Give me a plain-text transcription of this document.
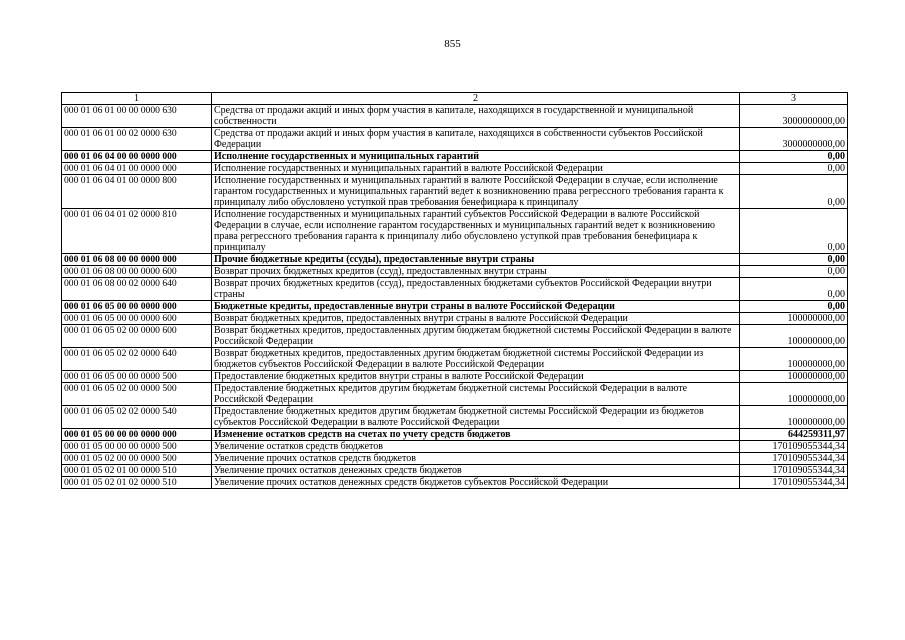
855
1	2	3
000 01 06 01 00 00 0000 630	Средства от продажи акций и иных форм участия в капитале, находящихся в государственной и муниципальной собственности	3000000000,00
000 01 06 01 00 02 0000 630	Средства от продажи акций и иных форм участия в капитале, находящихся в собственности субъектов Российской Федерации	3000000000,00
000 01 06 04 00 00 0000 000	Исполнение государственных и муниципальных гарантий	0,00
000 01 06 04 01 00 0000 000	Исполнение государственных и муниципальных гарантий в валюте Российской Федерации	0,00
000 01 06 04 01 00 0000 800	Исполнение государственных и муниципальных гарантий в валюте Российской Федерации в случае, если исполнение гарантом государственных и муниципальных гарантий ведет к возникновению права регрессного требования гаранта к принципалу либо обусловлено уступкой прав требования бенефициара к принципалу	0,00
000 01 06 04 01 02 0000 810	Исполнение государственных и муниципальных гарантий субъектов Российской Федерации в валюте Российской Федерации в случае, если исполнение гарантом государственных и муниципальных гарантий ведет к возникновению права регрессного требования гаранта к принципалу либо обусловлено уступкой прав требования бенефициара к принципалу	0,00
000 01 06 08 00 00 0000 000	Прочие бюджетные кредиты (ссуды), предоставленные внутри страны	0,00
000 01 06 08 00 00 0000 600	Возврат прочих бюджетных кредитов (ссуд), предоставленных внутри страны	0,00
000 01 06 08 00 02 0000 640	Возврат прочих бюджетных кредитов (ссуд), предоставленных бюджетами субъектов Российской Федерации внутри страны	0,00
000 01 06 05 00 00 0000 000	Бюджетные кредиты, предоставленные внутри страны в валюте Российской Федерации	0,00
000 01 06 05 00 00 0000 600	Возврат бюджетных кредитов, предоставленных внутри страны в валюте Российской Федерации	100000000,00
000 01 06 05 02 00 0000 600	Возврат бюджетных кредитов, предоставленных другим бюджетам бюджетной системы Российской Федерации в валюте Российской Федерации	100000000,00
000 01 06 05 02 02 0000 640	Возврат бюджетных кредитов, предоставленных другим бюджетам бюджетной системы Российской Федерации из бюджетов субъектов Российской Федерации в валюте Российской Федерации	100000000,00
000 01 06 05 00 00 0000 500	Предоставление бюджетных кредитов внутри страны в валюте Российской Федерации	100000000,00
000 01 06 05 02 00 0000 500	Предоставление бюджетных кредитов другим бюджетам бюджетной системы Российской Федерации в валюте Российской Федерации	100000000,00
000 01 06 05 02 02 0000 540	Предоставление бюджетных кредитов другим бюджетам бюджетной системы Российской Федерации из бюджетов субъектов Российской Федерации в валюте Российской Федерации	100000000,00
000 01 05 00 00 00 0000 000	Изменение остатков средств на счетах по учету средств бюджетов	644259311,97
000 01 05 00 00 00 0000 500	Увеличение остатков средств бюджетов	170109055344,34
000 01 05 02 00 00 0000 500	Увеличение прочих остатков средств бюджетов	170109055344,34
000 01 05 02 01 00 0000 510	Увеличение прочих остатков денежных средств бюджетов	170109055344,34
000 01 05 02 01 02 0000 510	Увеличение прочих остатков денежных средств бюджетов субъектов Российской Федерации	170109055344,34
